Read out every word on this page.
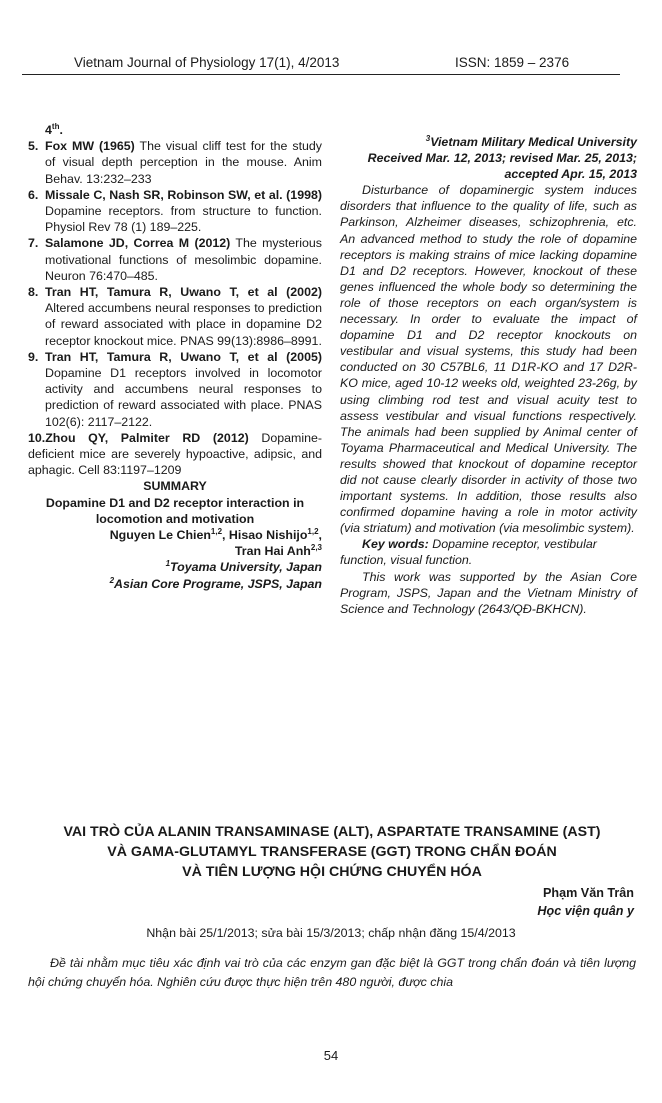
Vietnam Journal of Physiology 17(1), 4/2013	ISSN: 1859 – 2376

4th.

5. Fox MW (1965) The visual cliff test for the study of visual depth perception in the mouse. Anim Behav. 13:232–233

6. Missale C, Nash SR, Robinson SW, et al. (1998) Dopamine receptors. from structure to function. Physiol Rev 78 (1) 189–225.

7. Salamone JD, Correa M (2012) The mysterious motivational functions of mesolimbic dopamine. Neuron 76:470–485.

8. Tran HT, Tamura R, Uwano T, et al (2002) Altered accumbens neural responses to prediction of reward associated with place in dopamine D2 receptor knockout mice. PNAS 99(13):8986–8991.

9. Tran HT, Tamura R, Uwano T, et al (2005) Dopamine D1 receptors involved in locomotor activity and accumbens neural responses to prediction of reward associated with place. PNAS 102(6): 2117–2122.

10.Zhou QY, Palmiter RD (2012) Dopamine-deficient mice are severely hypoactive, adipsic, and aphagic. Cell 83:1197–1209

SUMMARY
Dopamine D1 and D2 receptor interaction in locomotion and motivation
Nguyen Le Chien$^{1,2}$, Hisao Nishijo$^{1,2}$,
Tran Hai Anh$^{2,3}$
$^1$Toyama University, Japan
$^2$Asian Core Programe, JSPS, Japan
$^3$Vietnam Military Medical University
Received Mar. 12, 2013; revised Mar. 25, 2013; accepted Apr. 15, 2013

Disturbance of dopaminergic system induces disorders that influence to the quality of life, such as Parkinson, Alzheimer diseases, schizophrenia, etc. An advanced method to study the role of dopamine receptors is making strains of mice lacking dopamine D1 and D2 receptors. However, knockout of these genes influenced the whole body so determining the role of those receptors on each organ/system is necessary. In order to evaluate the impact of dopamine D1 and D2 receptor knockouts on vestibular and visual systems, this study had been conducted on 30 C57BL6, 11 D1R-KO and 17 D2R-KO mice, aged 10-12 weeks old, weighted 23-26g, by using climbing rod test and visual acuity test to assess vestibular and visual functions respectively. The animals had been supplied by Animal center of Toyama Pharmaceutical and Medical University. The results showed that knockout of dopamine receptor did not cause clearly disorder in activity of those two important systems. In addition, those results also confirmed dopamine having a role in motor activity (via striatum) and motivation (via mesolimbic system).

Key words: Dopamine receptor, vestibular function, visual function.

This work was supported by the Asian Core Program, JSPS, Japan and the Vietnam Ministry of Science and Technology (2643/QĐ-BKHCN).

VAI TRÒ CỦA ALANIN TRANSAMINASE (ALT), ASPARTATE TRANSAMINE (AST)
VÀ GAMA-GLUTAMYL TRANSFERASE (GGT) TRONG CHẨN ĐOÁN
VÀ TIÊN LƯỢNG HỘI CHỨNG CHUYỂN HÓA
Phạm Văn Trân
Học viện quân y
Nhận bài 25/1/2013; sửa bài 15/3/2013; chấp nhận đăng 15/4/2013
Đề tài nhằm mục tiêu xác định vai trò của các enzym gan đặc biệt là GGT trong chẩn đoán và tiên lượng hội chứng chuyển hóa. Nghiên cứu được thực hiện trên 480 người, được chia
54
